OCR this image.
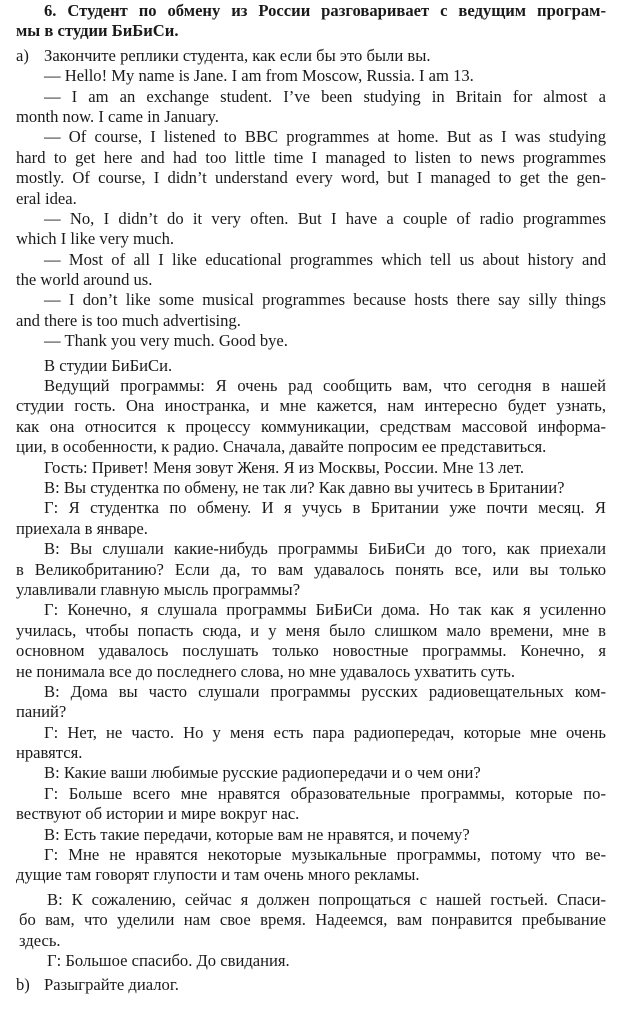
6. Студент по обмену из России разговаривает с ведущим програм-
мы в студии БиБиСи.
a) Закончите реплики студента, как если бы это были вы.
— Hello! My name is Jane. I am from Moscow, Russia. I am 13.
— I am an exchange student. I’ve been studying in Britain for almost a
month now. I came in January.
— Of course, I listened to BBC programmes at home. But as I was studying
hard to get here and had too little time I managed to listen to news programmes
mostly. Of course, I didn’t understand every word, but I managed to get the gen-
eral idea.
— No, I didn’t do it very often. But I have a couple of radio programmes
which I like very much.
— Most of all I like educational programmes which tell us about history and
the world around us.
— I don’t like some musical programmes because hosts there say silly things
and there is too much advertising.
— Thank you very much. Good bye.
В студии БиБиСи.
Ведущий программы: Я очень рад сообщить вам, что сегодня в нашей
студии гость. Она иностранка, и мне кажется, нам интересно будет узнать,
как она относится к процессу коммуникации, средствам массовой информа-
ции, в особенности, к радио. Сначала, давайте попросим ее представиться.
Гость: Привет! Меня зовут Женя. Я из Москвы, России. Мне 13 лет.
В: Вы студентка по обмену, не так ли? Как давно вы учитесь в Британии?
Г: Я студентка по обмену. И я учусь в Британии уже почти месяц. Я
приехала в январе.
В: Вы слушали какие-нибудь программы БиБиСи до того, как приехали
в Великобританию? Если да, то вам удавалось понять все, или вы только
улавливали главную мысль программы?
Г: Конечно, я слушала программы БиБиСи дома. Но так как я усиленно
училась, чтобы попасть сюда, и у меня было слишком мало времени, мне в
основном удавалось послушать только новостные программы. Конечно, я
не понимала все до последнего слова, но мне удавалось ухватить суть.
В: Дома вы часто слушали программы русских радиовещательных ком-
паний?
Г: Нет, не часто. Но у меня есть пара радиопередач, которые мне очень
нравятся.
В: Какие ваши любимые русские радиопередачи и о чем они?
Г: Больше всего мне нравятся образовательные программы, которые по-
вествуют об истории и мире вокруг нас.
В: Есть такие передачи, которые вам не нравятся, и почему?
Г: Мне не нравятся некоторые музыкальные программы, потому что ве-
дущие там говорят глупости и там очень много рекламы.
В: К сожалению, сейчас я должен попрощаться с нашей гостьей. Спаси-
бо вам, что уделили нам свое время. Надеемся, вам понравится пребывание
здесь.
Г: Большое спасибо. До свидания.
b) Разыграйте диалог.
